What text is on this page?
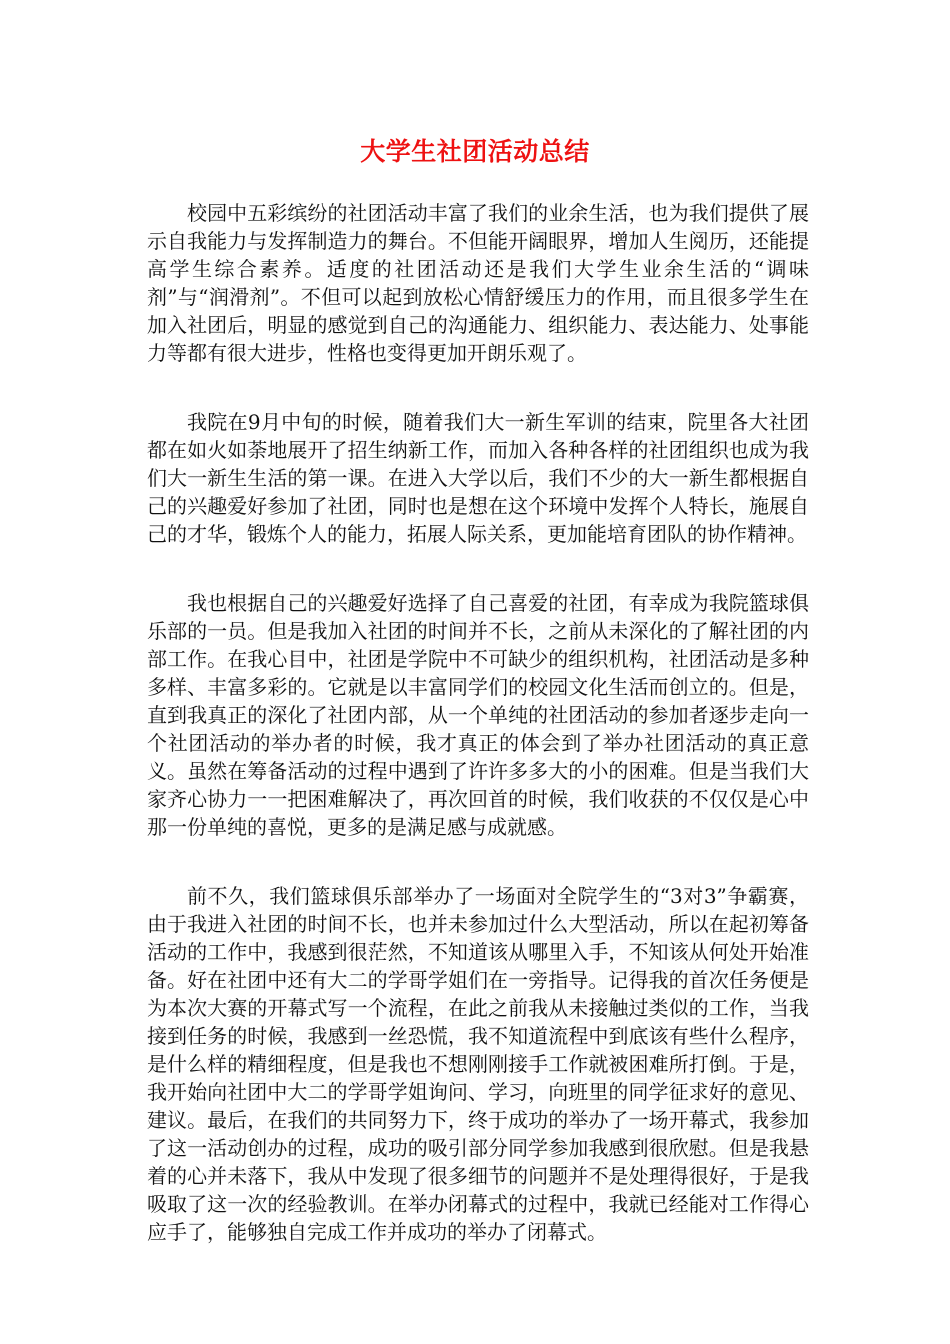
大学生社团活动总结

校园中五彩缤纷的社团活动丰富了我们的业余生活，也为我们提供了展示自我能力与发挥制造力的舞台。不但能开阔眼界，增加人生阅历，还能提高学生综合素养。适度的社团活动还是我们大学生业余生活的“调味剂”与“润滑剂”。不但可以起到放松心情舒缓压力的作用，而且很多学生在加入社团后，明显的感觉到自己的沟通能力、组织能力、表达能力、处事能力等都有很大进步，性格也变得更加开朗乐观了。

我院在9月中旬的时候，随着我们大一新生军训的结束，院里各大社团都在如火如荼地展开了招生纳新工作，而加入各种各样的社团组织也成为我们大一新生生活的第一课。在进入大学以后，我们不少的大一新生都根据自己的兴趣爱好参加了社团，同时也是想在这个环境中发挥个人特长，施展自己的才华，锻炼个人的能力，拓展人际关系，更加能培育团队的协作精神。

我也根据自己的兴趣爱好选择了自己喜爱的社团，有幸成为我院篮球俱乐部的一员。但是我加入社团的时间并不长，之前从未深化的了解社团的内部工作。在我心目中，社团是学院中不可缺少的组织机构，社团活动是多种多样、丰富多彩的。它就是以丰富同学们的校园文化生活而创立的。但是，直到我真正的深化了社团内部，从一个单纯的社团活动的参加者逐步走向一个社团活动的举办者的时候，我才真正的体会到了举办社团活动的真正意义。虽然在筹备活动的过程中遇到了许许多多大的小的困难。但是当我们大家齐心协力一一把困难解决了，再次回首的时候，我们收获的不仅仅是心中那一份单纯的喜悦，更多的是满足感与成就感。

前不久，我们篮球俱乐部举办了一场面对全院学生的“3对3”争霸赛，由于我进入社团的时间不长，也并未参加过什么大型活动，所以在起初筹备活动的工作中，我感到很茫然，不知道该从哪里入手，不知该从何处开始准备。好在社团中还有大二的学哥学姐们在一旁指导。记得我的首次任务便是为本次大赛的开幕式写一个流程，在此之前我从未接触过类似的工作，当我接到任务的时候，我感到一丝恐慌，我不知道流程中到底该有些什么程序，是什么样的精细程度，但是我也不想刚刚接手工作就被困难所打倒。于是，我开始向社团中大二的学哥学姐询问、学习，向班里的同学征求好的意见、建议。最后，在我们的共同努力下，终于成功的举办了一场开幕式，我参加了这一活动创办的过程，成功的吸引部分同学参加我感到很欣慰。但是我悬着的心并未落下，我从中发现了很多细节的问题并不是处理得很好，于是我吸取了这一次的经验教训。在举办闭幕式的过程中，我就已经能对工作得心应手了，能够独自完成工作并成功的举办了闭幕式。
